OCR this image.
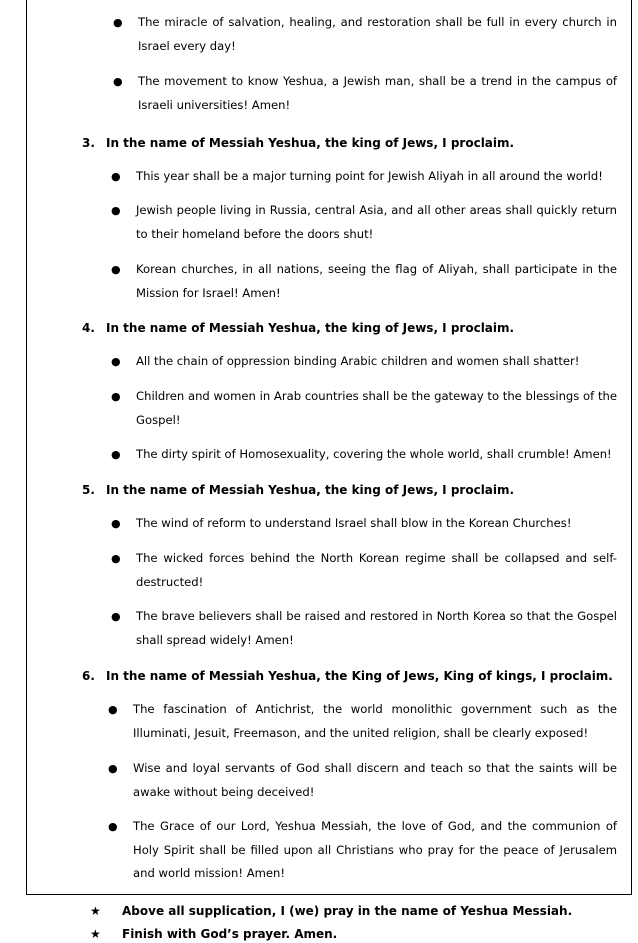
● The miracle of salvation, healing, and restoration shall be full in every church in Israel every day!
● The movement to know Yeshua, a Jewish man, shall be a trend in the campus of Israeli universities! Amen!
3. In the name of Messiah Yeshua, the king of Jews, I proclaim.
● This year shall be a major turning point for Jewish Aliyah in all around the world!
● Jewish people living in Russia, central Asia, and all other areas shall quickly return to their homeland before the doors shut!
● Korean churches, in all nations, seeing the flag of Aliyah, shall participate in the Mission for Israel! Amen!
4. In the name of Messiah Yeshua, the king of Jews, I proclaim.
● All the chain of oppression binding Arabic children and women shall shatter!
● Children and women in Arab countries shall be the gateway to the blessings of the Gospel!
● The dirty spirit of Homosexuality, covering the whole world, shall crumble! Amen!
5. In the name of Messiah Yeshua, the king of Jews, I proclaim.
● The wind of reform to understand Israel shall blow in the Korean Churches!
● The wicked forces behind the North Korean regime shall be collapsed and self-destructed!
● The brave believers shall be raised and restored in North Korea so that the Gospel shall spread widely! Amen!
6. In the name of Messiah Yeshua, the King of Jews, King of kings, I proclaim.
● The fascination of Antichrist, the world monolithic government such as the Illuminati, Jesuit, Freemason, and the united religion, shall be clearly exposed!
● Wise and loyal servants of God shall discern and teach so that the saints will be awake without being deceived!
● The Grace of our Lord, Yeshua Messiah, the love of God, and the communion of Holy Spirit shall be filled upon all Christians who pray for the peace of Jerusalem and world mission! Amen!
★ Above all supplication, I (we) pray in the name of Yeshua Messiah.
★ Finish with God’s prayer. Amen.
